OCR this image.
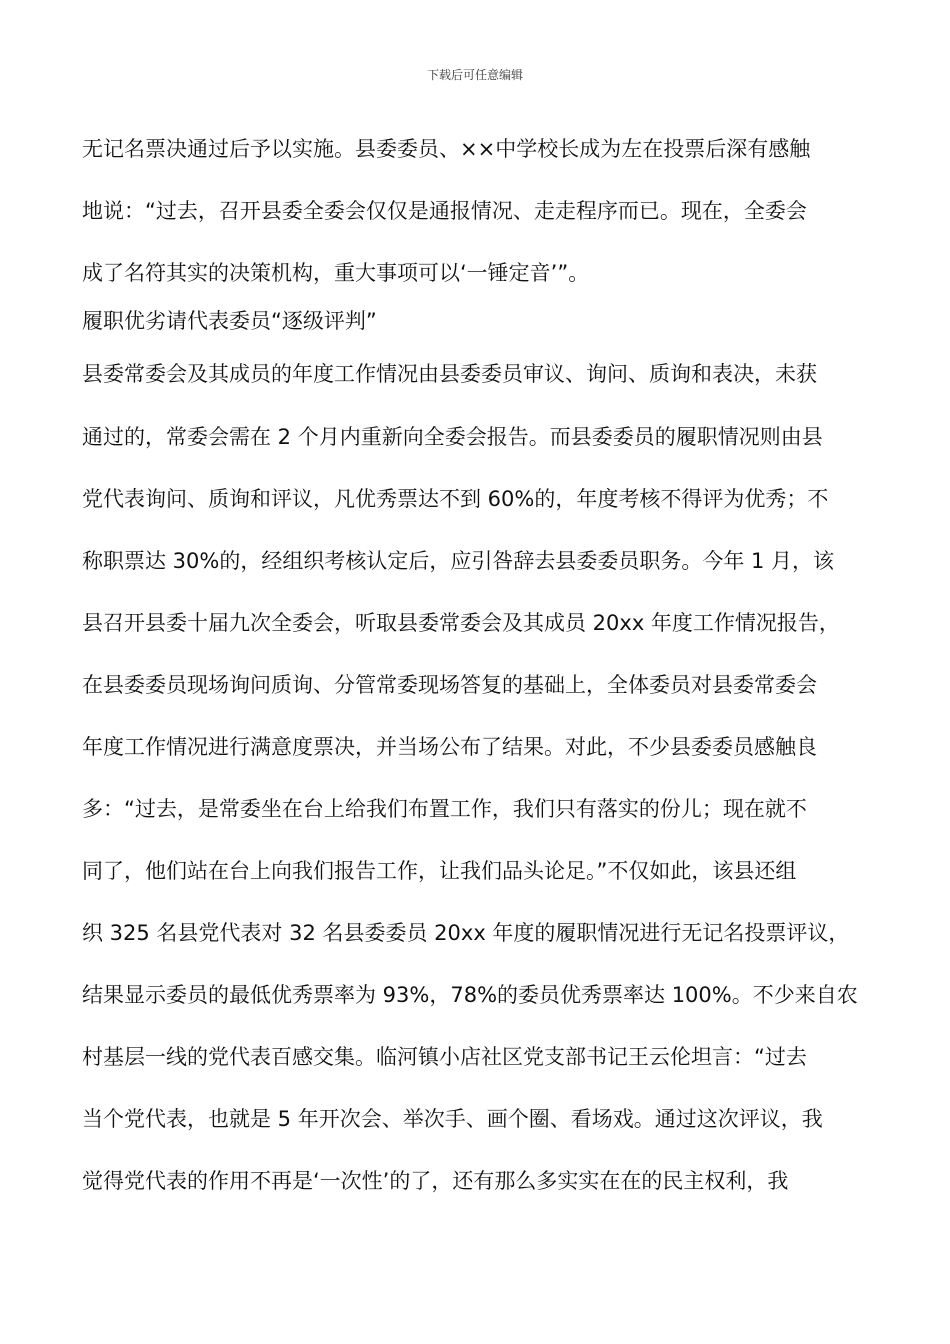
下载后可任意编辑
无记名票决通过后予以实施。县委委员、××中学校长成为左在投票后深有感触
地说：“过去，召开县委全委会仅仅是通报情况、走走程序而已。现在，全委会
成了名符其实的决策机构，重大事项可以‘一锤定音’”。
履职优劣请代表委员“逐级评判”
县委常委会及其成员的年度工作情况由县委委员审议、询问、质询和表决，未获
通过的，常委会需在 2 个月内重新向全委会报告。而县委委员的履职情况则由县
党代表询问、质询和评议，凡优秀票达不到 60%的，年度考核不得评为优秀；不
称职票达 30%的，经组织考核认定后，应引咎辞去县委委员职务。今年 1 月，该
县召开县委十届九次全委会，听取县委常委会及其成员 20xx 年度工作情况报告，
在县委委员现场询问质询、分管常委现场答复的基础上，全体委员对县委常委会
年度工作情况进行满意度票决，并当场公布了结果。对此，不少县委委员感触良
多：“过去，是常委坐在台上给我们布置工作，我们只有落实的份儿；现在就不
同了，他们站在台上向我们报告工作，让我们品头论足。”不仅如此，该县还组
织 325 名县党代表对 32 名县委委员 20xx 年度的履职情况进行无记名投票评议，
结果显示委员的最低优秀票率为 93%，78%的委员优秀票率达 100%。不少来自农
村基层一线的党代表百感交集。临河镇小店社区党支部书记王云伦坦言：“过去
当个党代表，也就是 5 年开次会、举次手、画个圈、看场戏。通过这次评议，我
觉得党代表的作用不再是‘一次性’的了，还有那么多实实在在的民主权利，我
